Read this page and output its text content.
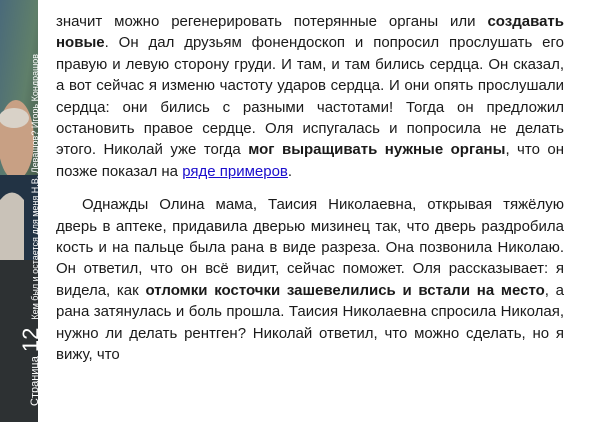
Страница
12
Кем был и остается для меня Н.В. Левашов? Игорь Кондрашов

значит можно регенерировать потерянные органы или создавать новые. Он дал друзьям фонендоскоп и попросил прослушать его правую и левую сторону груди. И там, и там бились сердца. Он сказал, а вот сейчас я изменю частоту ударов сердца. И они опять прослушали сердца: они бились с разными частотами! Тогда он предложил остановить правое сердце. Оля испугалась и попросила не делать этого. Николай уже тогда мог выращивать нужные органы, что он позже показал на ряде примеров.

Однажды Олина мама, Таисия Николаевна, открывая тяжёлую дверь в аптеке, придавила дверью мизинец так, что дверь раздробила кость и на пальце была рана в виде разреза. Она позвонила Николаю. Он ответил, что он всё видит, сейчас поможет. Оля рассказывает: я видела, как отломки косточки зашевелились и встали на место, а рана затянулась и боль прошла. Таисия Николаевна спросила Николая, нужно ли делать рентген? Николай ответил, что можно сделать, но я вижу, что
